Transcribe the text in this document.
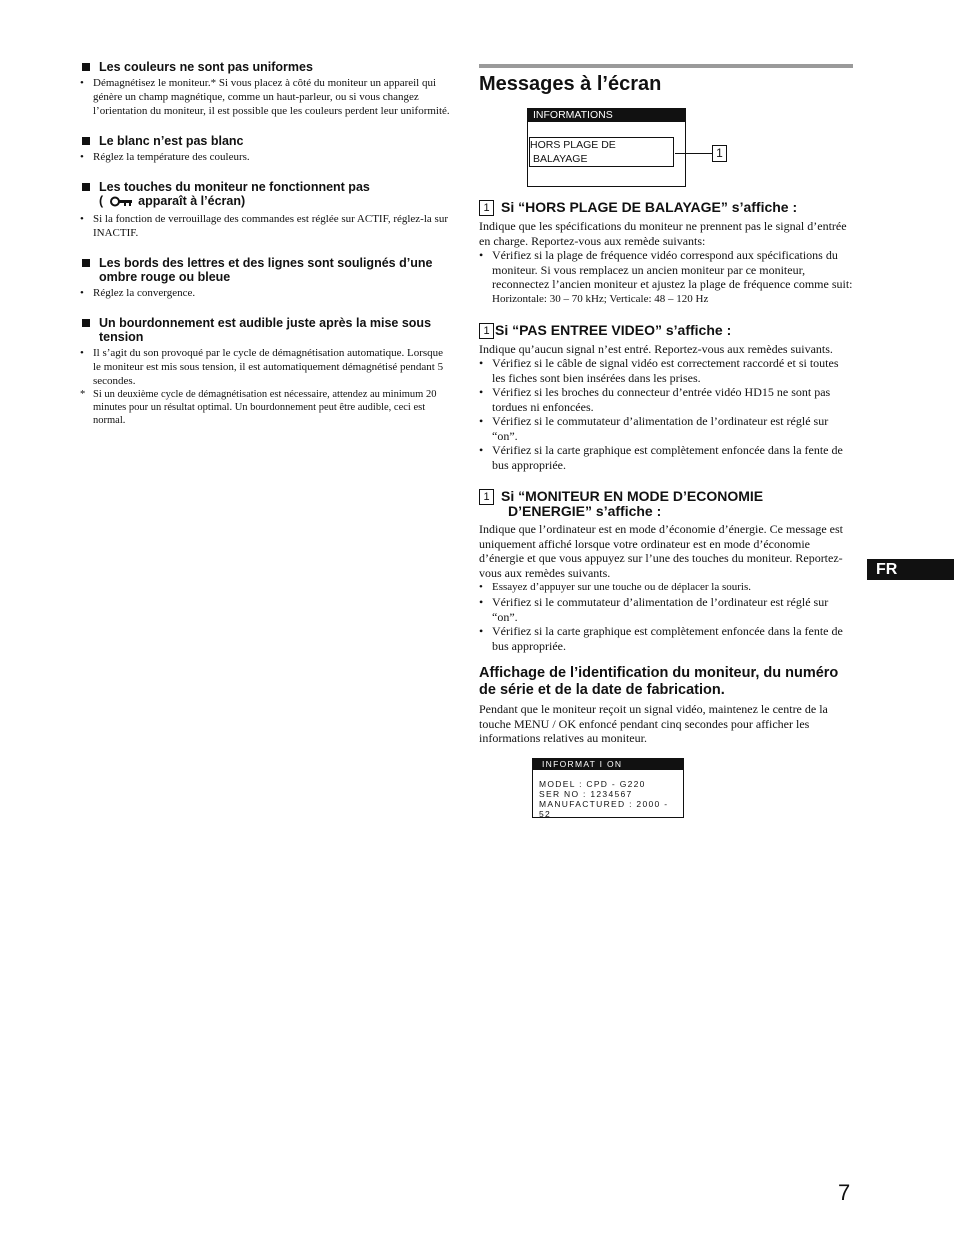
Les couleurs ne sont pas uniformes
• Démagnétisez le moniteur.* Si vous placez à côté du moniteur un appareil qui génère un champ magnétique, comme un haut-parleur, ou si vous changez l’orientation du moniteur, il est possible que les couleurs perdent leur uniformité.
Le blanc n’est pas blanc
• Réglez la température des couleurs.
Les touches du moniteur ne fonctionnent pas
(	apparaît à l’écran)
• Si la fonction de verrouillage des commandes est réglée sur ACTIF, réglez-la sur INACTIF.
Les bords des lettres et des lignes sont soulignés d’une ombre rouge ou bleue
• Réglez la convergence.
Un bourdonnement est audible juste après la mise sous tension
• Il s’agit du son provoqué par le cycle de démagnétisation automatique. Lorsque le moniteur est mis sous tension, il est automatiquement démagnétisé pendant 5 secondes.
* Si un deuxième cycle de démagnétisation est nécessaire, attendez au minimum 20 minutes pour un résultat optimal. Un bourdonnement peut être audible, ceci est normal.
Messages à l’écran
INFORMATIONS
HORS PLAGE DE
BALAYAGE	1
1 Si “HORS PLAGE DE BALAYAGE” s’affiche :
Indique que les spécifications du moniteur ne prennent pas le signal d’entrée en charge. Reportez-vous aux remède suivants:
• Vérifiez si la plage de fréquence vidéo correspond aux spécifications du moniteur. Si vous remplacez un ancien moniteur par ce moniteur, reconnectez l’ancien moniteur et ajustez la plage de fréquence comme suit:
Horizontale: 30 – 70 kHz; Verticale: 48 – 120 Hz
1 Si “PAS ENTREE VIDEO” s’affiche :
Indique qu’aucun signal n’est entré. Reportez-vous aux remèdes suivants.
• Vérifiez si le câble de signal vidéo est correctement raccordé et si toutes les fiches sont bien insérées dans les prises.
• Vérifiez si les broches du connecteur d’entrée vidéo HD15 ne sont pas tordues ni enfoncées.
• Vérifiez si le commutateur d’alimentation de l’ordinateur est réglé sur “on”.
• Vérifiez si la carte graphique est complètement enfoncée dans la fente de bus appropriée.
1 Si “MONITEUR EN MODE D’ECONOMIE
D’ENERGIE” s’affiche :
Indique que l’ordinateur est en mode d’économie d’énergie. Ce message est uniquement affiché lorsque votre ordinateur est en mode d’économie d’énergie et que vous appuyez sur l’une des touches du moniteur. Reportez-vous aux remèdes suivants.
• Essayez d’appuyer sur une touche ou de déplacer la souris.
• Vérifiez si le commutateur d’alimentation de l’ordinateur est réglé sur “on”.
• Vérifiez si la carte graphique est complètement enfoncée dans la fente de bus appropriée.
Affichage de l’identification du moniteur, du numéro de série et de la date de fabrication.
Pendant que le moniteur reçoit un signal vidéo, maintenez le centre de la touche MENU / OK enfoncé pendant cinq secondes pour afficher les informations relatives au moniteur.
INFORMAT I ON
MODEL : CPD - G220
SER NO : 1234567
MANUFACTURED : 2000 - 52
FR
7
